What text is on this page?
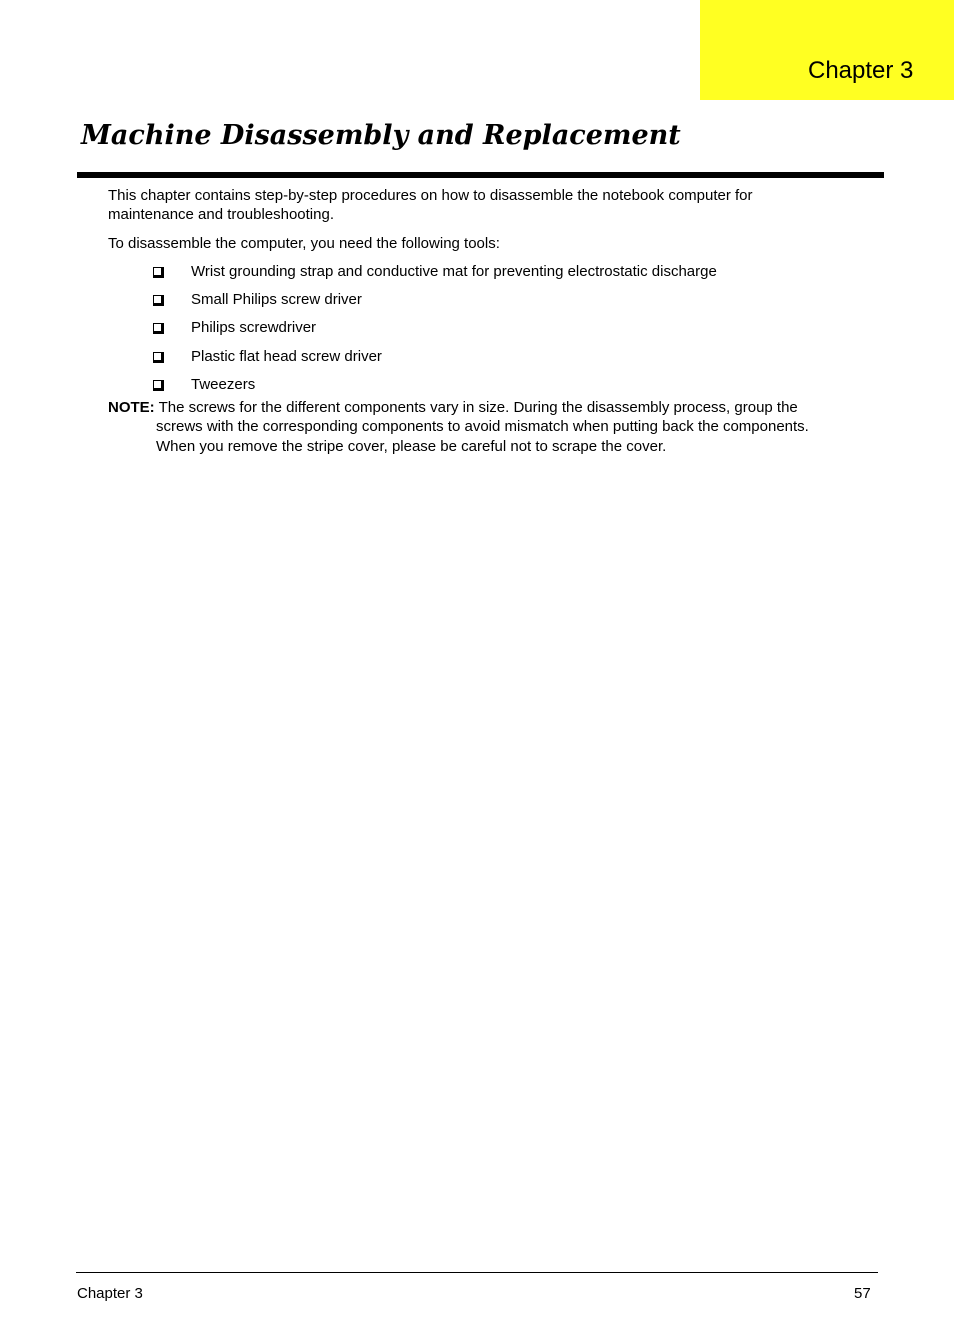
Chapter 3
Machine Disassembly and Replacement
This chapter contains step-by-step procedures on how to disassemble the notebook computer for
maintenance and troubleshooting.
To disassemble the computer, you need the following tools:
Wrist grounding strap and conductive mat for preventing electrostatic discharge
Small Philips screw driver
Philips screwdriver
Plastic flat head screw driver
Tweezers
NOTE: The screws for the different components vary in size. During the disassembly process, group the
screws with the corresponding components to avoid mismatch when putting back the components.
When you remove the stripe cover, please be careful not to scrape the cover.
Chapter 3	57
